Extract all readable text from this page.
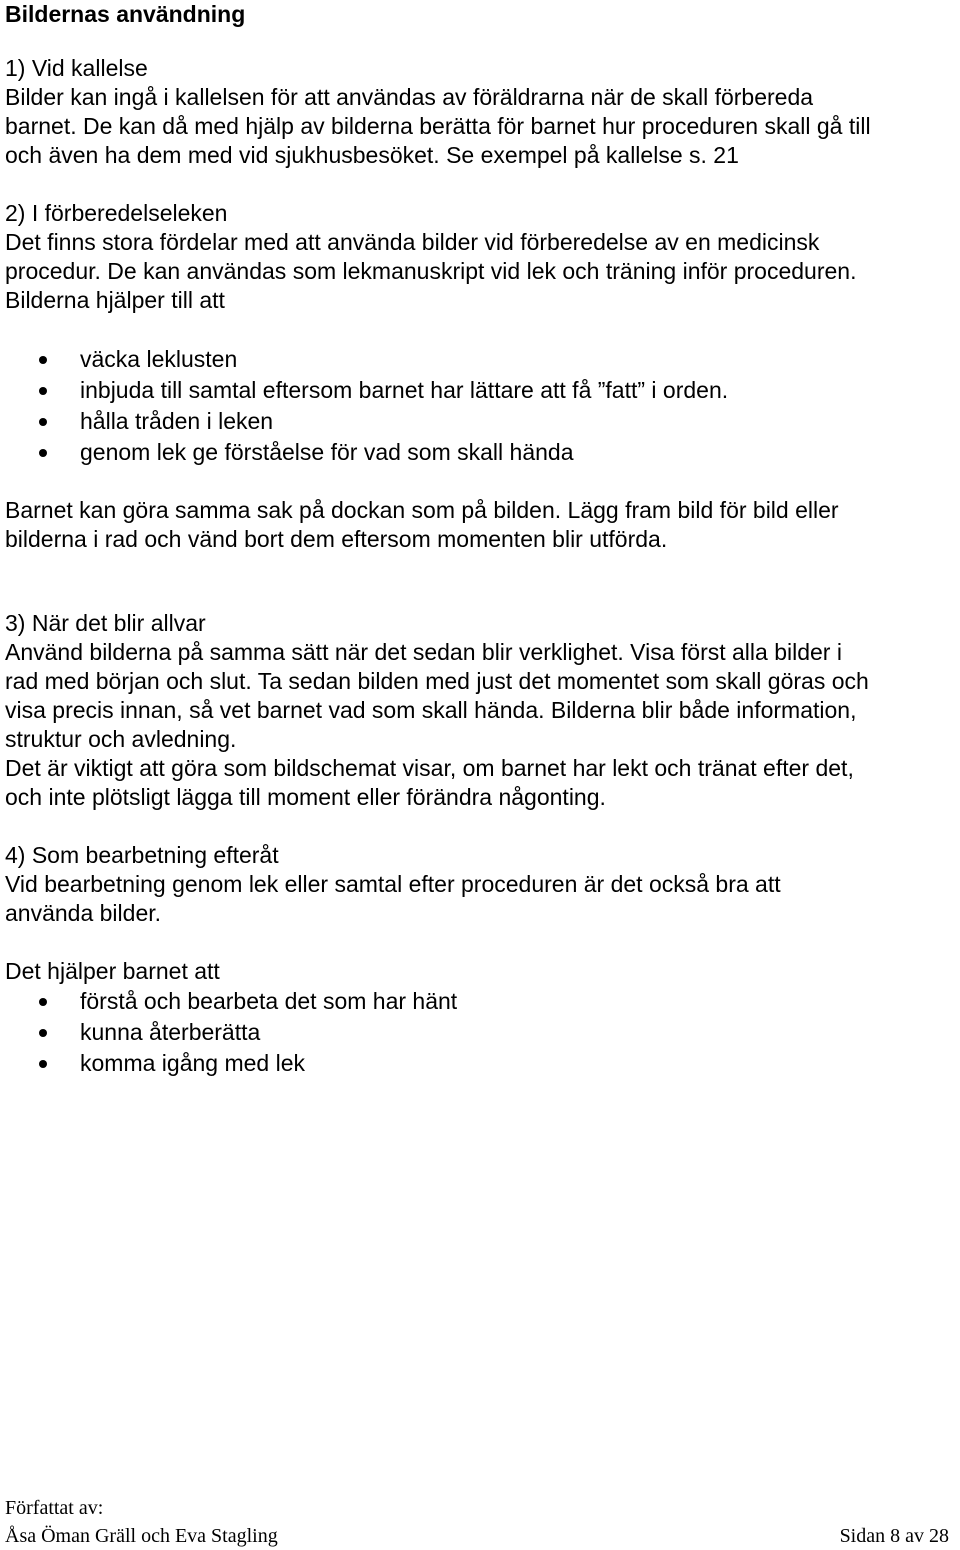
Bildernas användning
1) Vid kallelse
Bilder kan ingå i kallelsen för att användas av föräldrarna när de skall förbereda
barnet. De kan då med hjälp av bilderna berätta för barnet hur proceduren skall gå till
och även ha dem med vid sjukhusbesöket. Se exempel på kallelse s. 21
2) I förberedelseleken
Det finns stora fördelar med att använda bilder vid förberedelse av en medicinsk
procedur. De kan användas som lekmanuskript vid lek och träning inför proceduren.
Bilderna hjälper till att
väcka leklusten
inbjuda till samtal eftersom barnet har lättare att få ”fatt” i orden.
hålla tråden i leken
genom lek ge förståelse för vad som skall hända
Barnet kan göra samma sak på dockan som på bilden. Lägg fram bild för bild eller
bilderna i rad och vänd bort dem eftersom momenten blir utförda.
3) När det blir allvar
Använd bilderna på samma sätt när det sedan blir verklighet. Visa först alla bilder i
rad med början och slut. Ta sedan bilden med just det momentet som skall göras och
visa precis innan, så vet barnet vad som skall hända. Bilderna blir både information,
struktur och avledning.
Det är viktigt att göra som bildschemat visar, om barnet har lekt och tränat efter det,
och inte plötsligt lägga till moment eller förändra någonting.
4) Som bearbetning efteråt
Vid bearbetning genom lek eller samtal efter proceduren är det också bra att
använda bilder.
Det hjälper barnet att
förstå och bearbeta det som har hänt
kunna återberätta
komma igång med lek
Författat av:
Åsa Öman Gräll och Eva Stagling	Sidan 8 av 28
